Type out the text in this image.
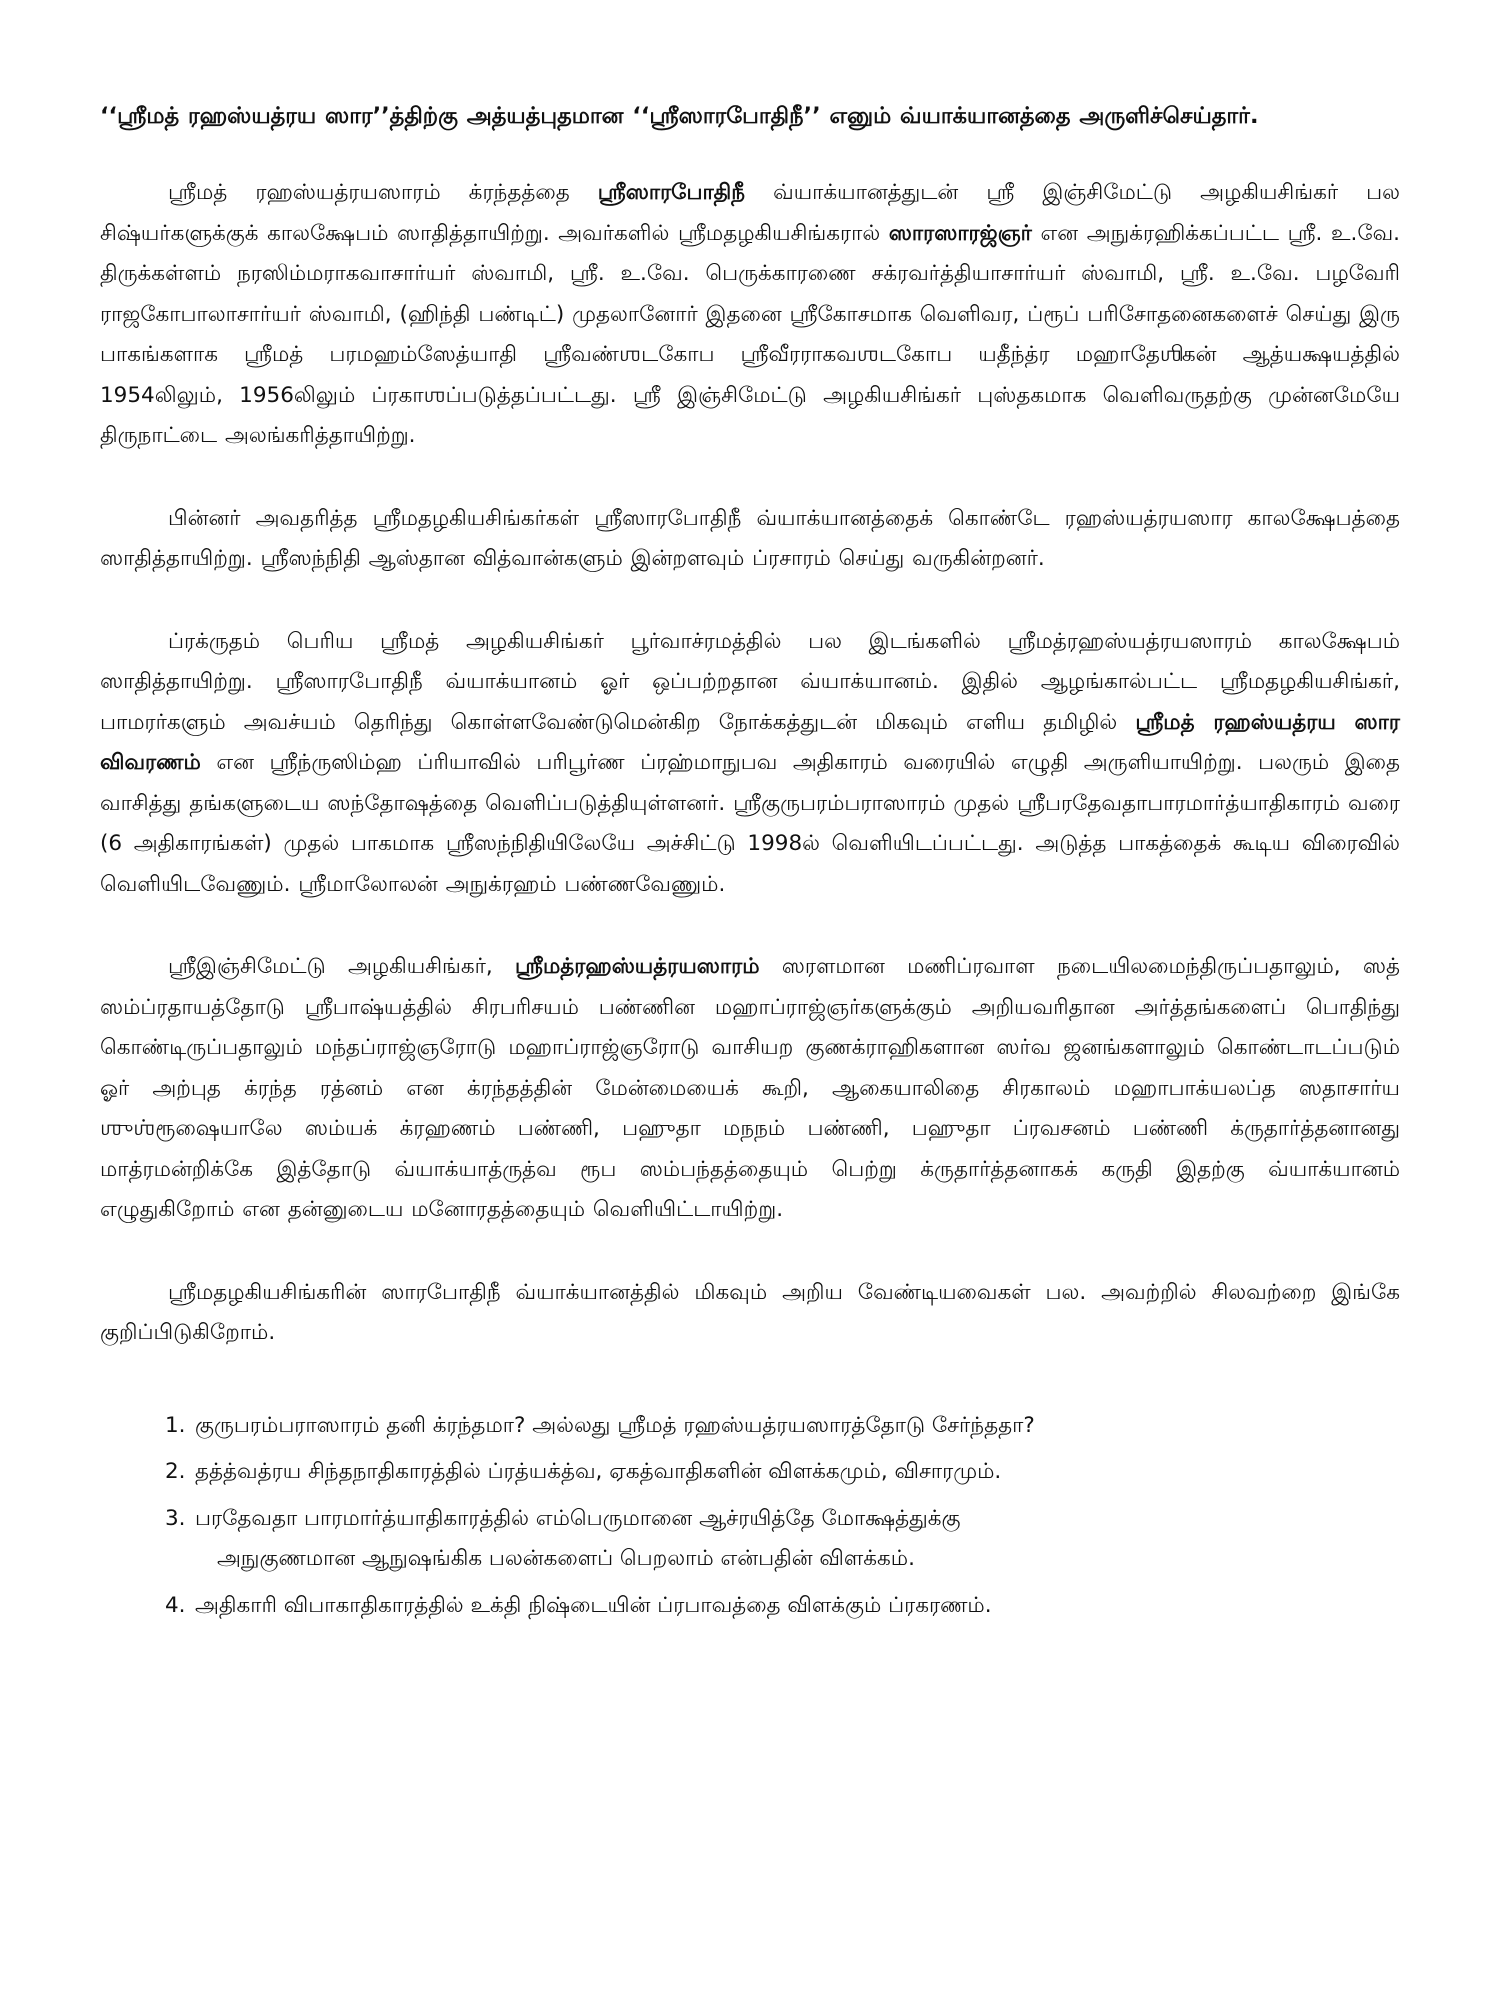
‘‘ஸ்ரீமத் ரஹஸ்யத்ரய ஸார’’த்திற்கு அத்யத்புதமான ‘‘ஸ்ரீஸாரபோதிநீ’’ எனும் வ்யாக்யானத்தை அருளிச்செய்தார்.

ஸ்ரீமத் ரஹஸ்யத்ரயஸாரம் க்ரந்தத்தை ஸ்ரீஸாரபோதிநீ வ்யாக்யானத்துடன் ஸ்ரீ இஞ்சிமேட்டு அழகியசிங்கர் பல சிஷ்யர்களுக்குக் காலக்ஷேபம் ஸாதித்தாயிற்று. அவர்களில் ஸ்ரீமதழகியசிங்கரால் ஸாரஸாரஜ்ஞர் என அநுக்ரஹிக்கப்பட்ட ஸ்ரீ. உ.வே. திருக்கள்ளம் நரஸிம்மராகவாசார்யர் ஸ்வாமி, ஸ்ரீ. உ.வே. பெருக்காரணை சக்ரவர்த்தியாசார்யர் ஸ்வாமி, ஸ்ரீ. உ.வே. பழவேரி ராஜகோபாலாசார்யர் ஸ்வாமி, (ஹிந்தி பண்டிட்) முதலானோர் இதனை ஸ்ரீகோசமாக வெளிவர, ப்ரூப் பரிசோதனைகளைச் செய்து இரு பாகங்களாக ஸ்ரீமத் பரமஹம்ஸேத்யாதி ஸ்ரீவண்ஶடகோப ஸ்ரீவீரராகவஶடகோப யதீந்த்ர மஹாதேஶிகன் ஆத்யக்ஷயத்தில் 1954லிலும், 1956லிலும் ப்ரகாஶப்படுத்தப்பட்டது. ஸ்ரீ இஞ்சிமேட்டு அழகியசிங்கர் புஸ்தகமாக வெளிவருதற்கு முன்னமேயே திருநாட்டை அலங்கரித்தாயிற்று.

பின்னர் அவதரித்த ஸ்ரீமதழகியசிங்கர்கள் ஸ்ரீஸாரபோதிநீ வ்யாக்யானத்தைக் கொண்டே ரஹஸ்யத்ரயஸார காலக்ஷேபத்தை ஸாதித்தாயிற்று. ஸ்ரீஸந்நிதி ஆஸ்தான வித்வான்களும் இன்றளவும் ப்ரசாரம் செய்து வருகின்றனர்.

ப்ரக்ருதம் பெரிய ஸ்ரீமத் அழகியசிங்கர் பூர்வாச்ரமத்தில் பல இடங்களில் ஸ்ரீமத்ரஹஸ்யத்ரயஸாரம் காலக்ஷேபம் ஸாதித்தாயிற்று. ஸ்ரீஸாரபோதிநீ வ்யாக்யானம் ஓர் ஒப்பற்றதான வ்யாக்யானம். இதில் ஆழங்கால்பட்ட ஸ்ரீமதழகியசிங்கர், பாமரர்களும் அவச்யம் தெரிந்து கொள்ளவேண்டுமென்கிற நோக்கத்துடன் மிகவும் எளிய தமிழில் ஸ்ரீமத் ரஹஸ்யத்ரய ஸார விவரணம் என ஸ்ரீந்ருஸிம்ஹ ப்ரியாவில் பரிபூர்ண ப்ரஹ்மாநுபவ அதிகாரம் வரையில் எழுதி அருளியாயிற்று. பலரும் இதை வாசித்து தங்களுடைய ஸந்தோஷத்தை வெளிப்படுத்தியுள்ளனர். ஸ்ரீகுருபரம்பராஸாரம் முதல் ஸ்ரீபரதேவதாபாரமார்த்யாதிகாரம் வரை (6 அதிகாரங்கள்) முதல் பாகமாக ஸ்ரீஸந்நிதியிலேயே அச்சிட்டு 1998ல் வெளியிடப்பட்டது. அடுத்த பாகத்தைக் கூடிய விரைவில் வெளியிடவேணும். ஸ்ரீமாலோலன் அநுக்ரஹம் பண்ணவேணும்.

ஸ்ரீஇஞ்சிமேட்டு அழகியசிங்கர், ஸ்ரீமத்ரஹஸ்யத்ரயஸாரம் ஸரளமான மணிப்ரவாள நடையிலமைந்திருப்பதாலும், ஸத் ஸம்ப்ரதாயத்தோடு ஸ்ரீபாஷ்யத்தில் சிரபரிசயம் பண்ணின மஹாப்ராஜ்ஞர்களுக்கும் அறியவரிதான அர்த்தங்களைப் பொதிந்து கொண்டிருப்பதாலும் மந்தப்ராஜ்ஞரோடு மஹாப்ராஜ்ஞரோடு வாசியற குணக்ராஹிகளான ஸர்வ ஜனங்களாலும் கொண்டாடப்படும் ஓர் அற்புத க்ரந்த ரத்னம் என க்ரந்தத்தின் மேன்மையைக் கூறி, ஆகையாலிதை சிரகாலம் மஹாபாக்யலப்த ஸதாசார்ய ஶுஶ்ரூஷையாலே ஸம்யக் க்ரஹணம் பண்ணி, பஹுதா மநநம் பண்ணி, பஹுதா ப்ரவசனம் பண்ணி க்ருதார்த்தனானது மாத்ரமன்றிக்கே இத்தோடு வ்யாக்யாத்ருத்வ ரூப ஸம்பந்தத்தையும் பெற்று க்ருதார்த்தனாகக் கருதி இதற்கு வ்யாக்யானம் எழுதுகிறோம் என தன்னுடைய மனோரதத்தையும் வெளியிட்டாயிற்று.

ஸ்ரீமதழகியசிங்கரின் ஸாரபோதிநீ வ்யாக்யானத்தில் மிகவும் அறிய வேண்டியவைகள் பல. அவற்றில் சிலவற்றை இங்கே குறிப்பிடுகிறோம்.

1. குருபரம்பராஸாரம் தனி க்ரந்தமா? அல்லது ஸ்ரீமத் ரஹஸ்யத்ரயஸாரத்தோடு சேர்ந்ததா?
2. தத்த்வத்ரய சிந்தநாதிகாரத்தில் ப்ரத்யக்த்வ, ஏகத்வாதிகளின் விளக்கமும், விசாரமும்.
3. பரதேவதா பாரமார்த்யாதிகாரத்தில் எம்பெருமானை ஆச்ரயித்தே மோக்ஷத்துக்கு
அநுகுணமான ஆநுஷங்கிக பலன்களைப் பெறலாம் என்பதின் விளக்கம்.
4. அதிகாரி விபாகாதிகாரத்தில் உக்தி நிஷ்டையின் ப்ரபாவத்தை விளக்கும் ப்ரகரணம்.
